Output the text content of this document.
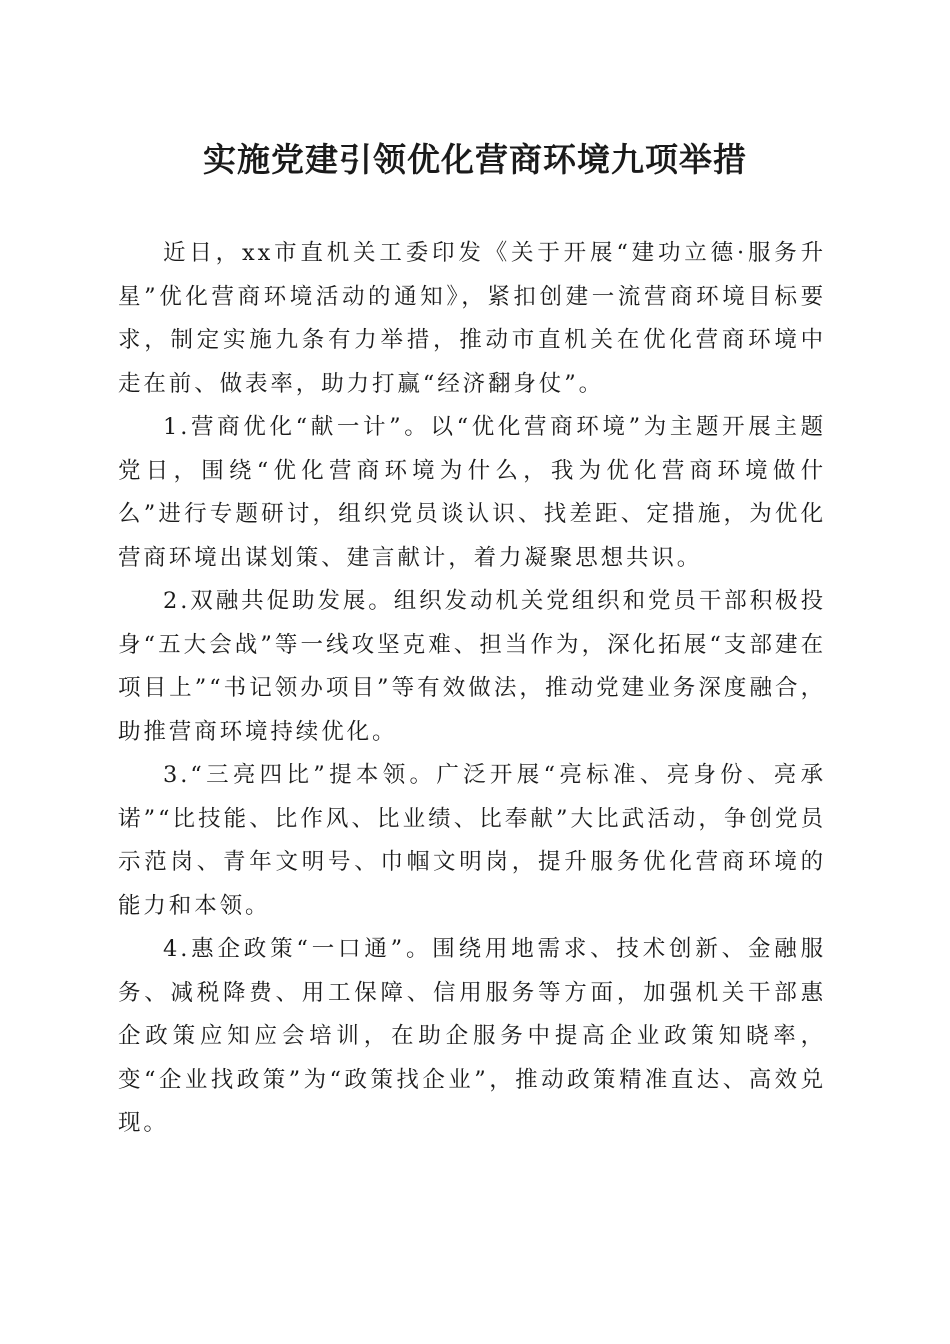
实施党建引领优化营商环境九项举措

近日，xx市直机关工委印发《关于开展“建功立德·服务升星”优化营商环境活动的通知》，紧扣创建一流营商环境目标要求，制定实施九条有力举措，推动市直机关在优化营商环境中走在前、做表率，助力打赢“经济翻身仗”。

1.营商优化“献一计”。以“优化营商环境”为主题开展主题党日，围绕“优化营商环境为什么，我为优化营商环境做什么”进行专题研讨，组织党员谈认识、找差距、定措施，为优化营商环境出谋划策、建言献计，着力凝聚思想共识。

2.双融共促助发展。组织发动机关党组织和党员干部积极投身“五大会战”等一线攻坚克难、担当作为，深化拓展“支部建在项目上”“书记领办项目”等有效做法，推动党建业务深度融合，助推营商环境持续优化。

3.“三亮四比”提本领。广泛开展“亮标准、亮身份、亮承诺”“比技能、比作风、比业绩、比奉献”大比武活动，争创党员示范岗、青年文明号、巾帼文明岗，提升服务优化营商环境的能力和本领。

4.惠企政策“一口通”。围绕用地需求、技术创新、金融服务、减税降费、用工保障、信用服务等方面，加强机关干部惠企政策应知应会培训，在助企服务中提高企业政策知晓率，变“企业找政策”为“政策找企业”，推动政策精准直达、高效兑现。
